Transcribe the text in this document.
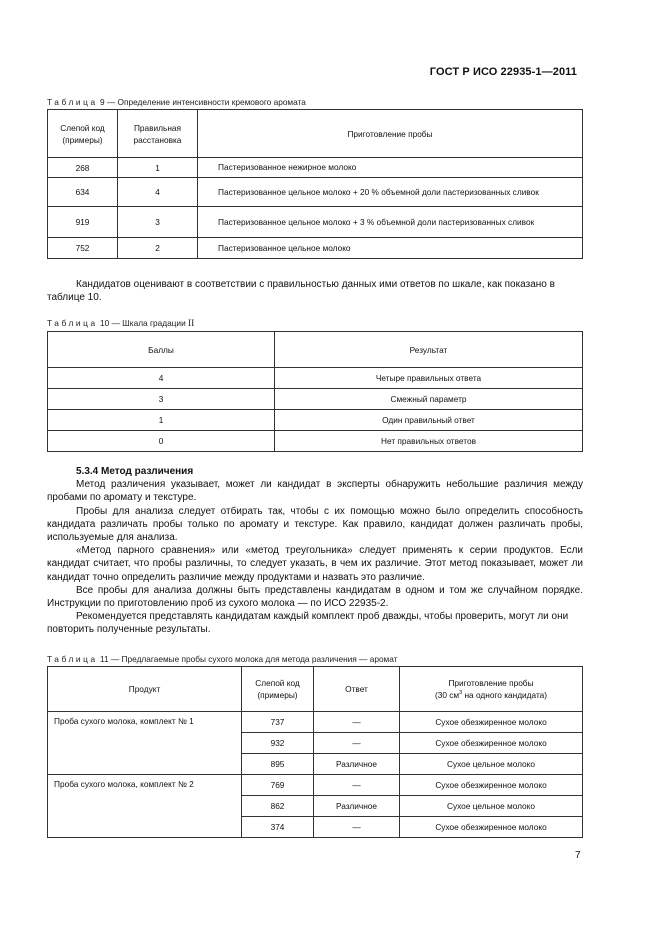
ГОСТ Р ИСО 22935-1—2011
Таблица 9 — Определение интенсивности кремового аромата
Слепой код (примеры)	Правильная расстановка	Приготовление пробы
268	1	Пастеризованное нежирное молоко
634	4	Пастеризованное цельное молоко + 20 % объемной доли пастеризованных сливок
919	3	Пастеризованное цельное молоко + 3 % объемной доли пастеризованных сливок
752	2	Пастеризованное цельное молоко

Кандидатов оценивают в соответствии с правильностью данных ими ответов по шкале, как показано в таблице 10.

Таблица 10 — Шкала градации II
Баллы	Результат
4	Четыре правильных ответа
3	Смежный параметр
1	Один правильный ответ
0	Нет правильных ответов

5.3.4 Метод различения

Метод различения указывает, может ли кандидат в эксперты обнаружить небольшие различия между пробами по аромату и текстуре.

Пробы для анализа следует отбирать так, чтобы с их помощью можно было определить способность кандидата различать пробы только по аромату и текстуре. Как правило, кандидат должен различать пробы, используемые для анализа.

«Метод парного сравнения» или «метод треугольника» следует применять к серии продуктов. Если кандидат считает, что пробы различны, то следует указать, в чем их различие. Этот метод показывает, может ли кандидат точно определить различие между продуктами и назвать это различие.

Все пробы для анализа должны быть представлены кандидатам в одном и том же случайном порядке. Инструкции по приготовлению проб из сухого молока — по ИСО 22935-2.

Рекомендуется представлять кандидатам каждый комплект проб дважды, чтобы проверить, могут ли они повторить полученные результаты.

Таблица 11 — Предлагаемые пробы сухого молока для метода различения — аромат
Продукт	Слепой код (примеры)	Ответ	Приготовление пробы
(30 $см^3$ на одного кандидата)
Проба сухого молока, комплект № 1	737	—	Сухое обезжиренное молоко
	932	—	Сухое обезжиренное молоко
	895	Различное	Сухое цельное молоко
Проба сухого молока, комплект № 2	769	—	Сухое обезжиренное молоко
	862	Различное	Сухое цельное молоко
	374	—	Сухое обезжиренное молоко
7
